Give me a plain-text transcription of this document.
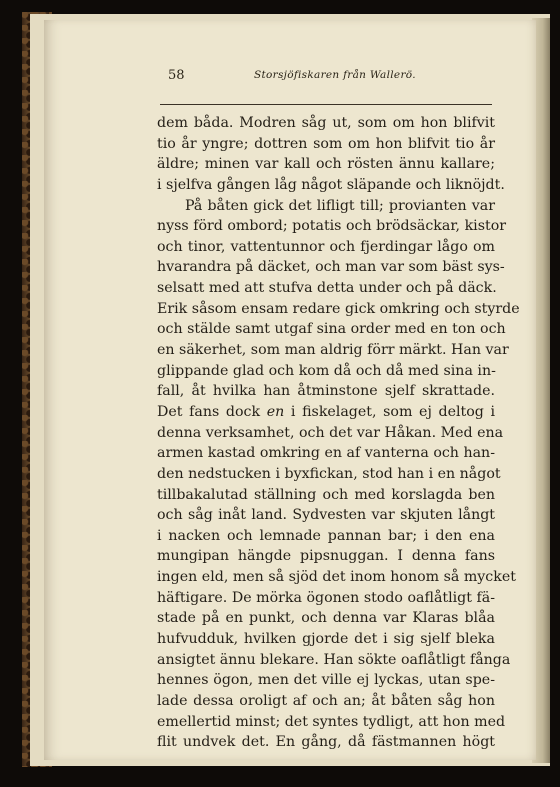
58	Storsjöfiskaren från Wallerö.
dem båda. Modren såg ut, som om hon blifvit
tio år yngre; dottren som om hon blifvit tio år
äldre; minen var kall och rösten ännu kallare;
i sjelfva gången låg något släpande och liknöjdt.
På båten gick det lifligt till; provianten var
nyss förd ombord; potatis och brödsäckar, kistor
och tinor, vattentunnor och fjerdingar lågo om
hvarandra på däcket, och man var som bäst sys-
selsatt med att stufva detta under och på däck.
Erik såsom ensam redare gick omkring och styrde
och stälde samt utgaf sina order med en ton och
en säkerhet, som man aldrig förr märkt. Han var
glippande glad och kom då och då med sina in-
fall, åt hvilka han åtminstone sjelf skrattade.
Det fans dock en i fiskelaget, som ej deltog i
denna verksamhet, och det var Håkan. Med ena
armen kastad omkring en af vanterna och han-
den nedstucken i byxfickan, stod han i en något
tillbakalutad ställning och med korslagda ben
och såg inåt land. Sydvesten var skjuten långt
i nacken och lemnade pannan bar; i den ena
mungipan hängde pipsnuggan. I denna fans
ingen eld, men så sjöd det inom honom så mycket
häftigare. De mörka ögonen stodo oaflåtligt fä-
stade på en punkt, och denna var Klaras blåa
hufvudduk, hvilken gjorde det i sig sjelf bleka
ansigtet ännu blekare. Han sökte oaflåtligt fånga
hennes ögon, men det ville ej lyckas, utan spe-
lade dessa oroligt af och an; åt båten såg hon
emellertid minst; det syntes tydligt, att hon med
flit undvek det. En gång, då fästmannen högt
